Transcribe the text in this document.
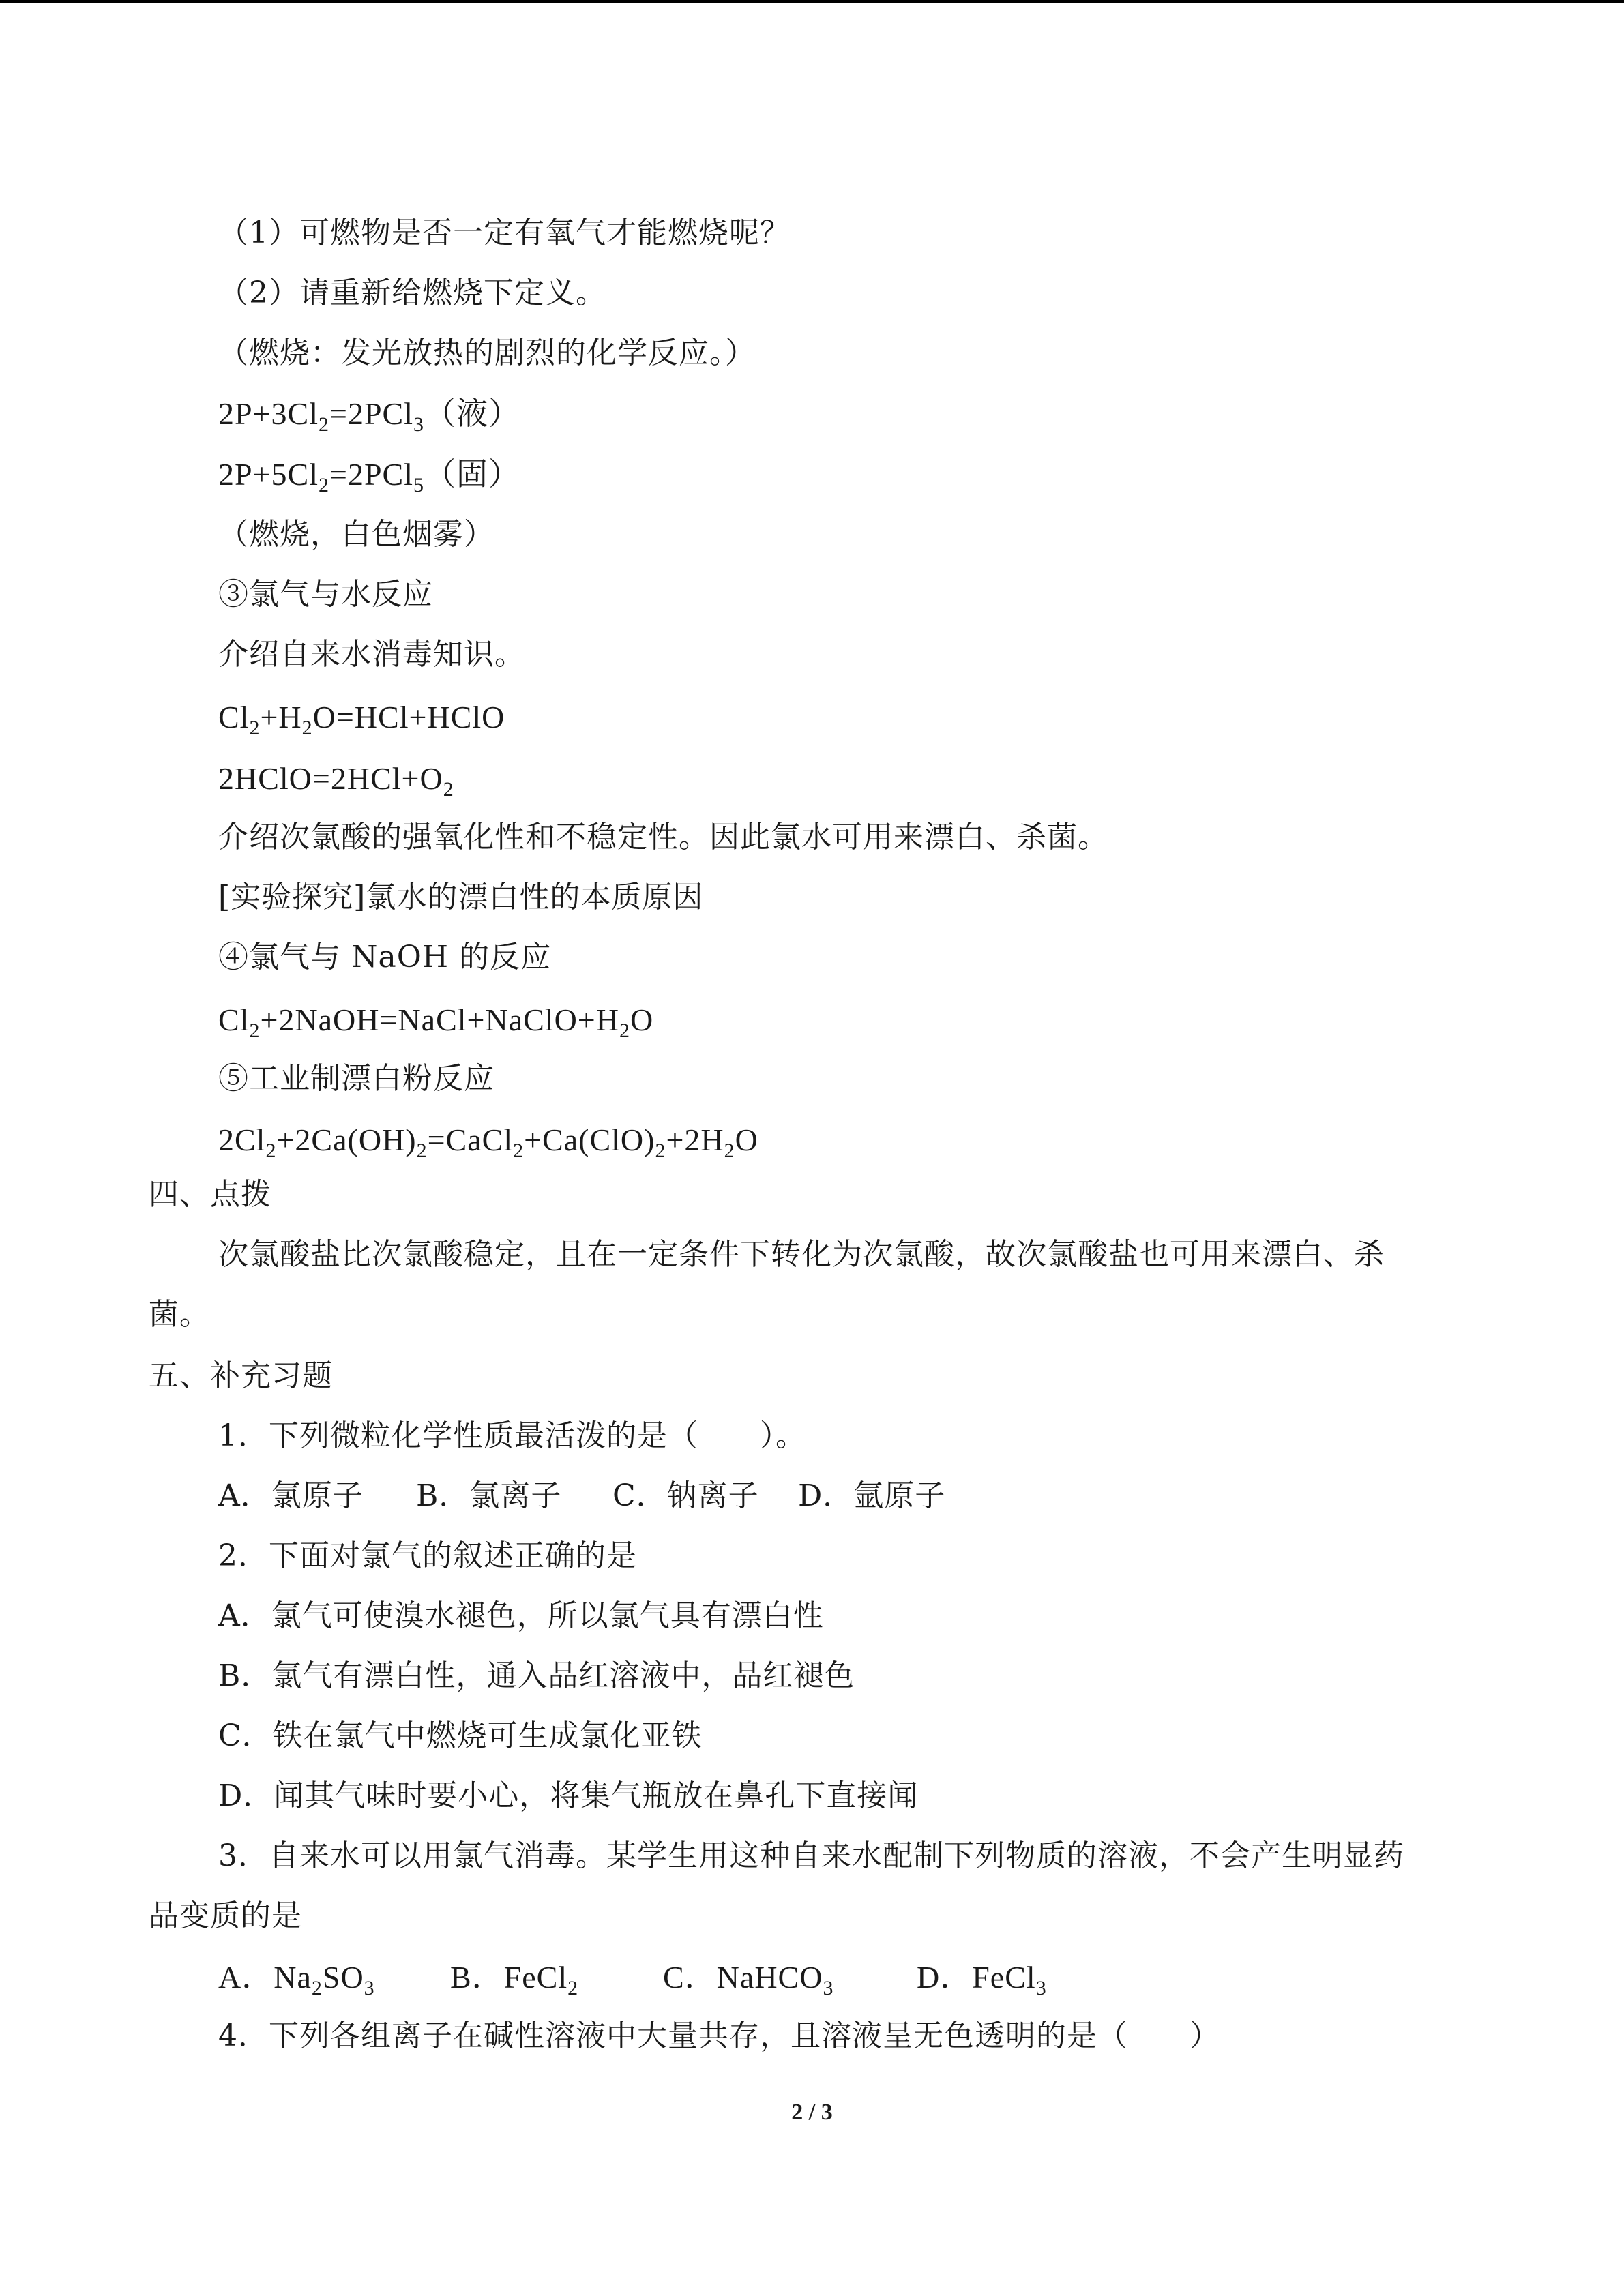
（1）可燃物是否一定有氧气才能燃烧呢？
（2）请重新给燃烧下定义。
（燃烧：发光放热的剧烈的化学反应。）
$2P+3Cl_2=2PCl_3$（液）
$2P+5Cl_2=2PCl_5$（固）
（燃烧，白色烟雾）
③氯气与水反应
介绍自来水消毒知识。
$Cl_2+H_2O=HCl+HClO$
$2HClO=2HCl+O_2$
介绍次氯酸的强氧化性和不稳定性。因此氯水可用来漂白、杀菌。
[实验探究]氯水的漂白性的本质原因
④氯气与 NaOH 的反应
$Cl_2+2NaOH=NaCl+NaClO+H_2O$
⑤工业制漂白粉反应
$2Cl_2+2Ca(OH)_2=CaCl_2+Ca(ClO)_2+2H_2O$
四、点拨
次氯酸盐比次氯酸稳定，且在一定条件下转化为次氯酸，故次氯酸盐也可用来漂白、杀
菌。
五、补充习题
1．下列微粒化学性质最活泼的是（　　）。
A．氯原子 B．氯离子 C．钠离子 D．氩原子
2．下面对氯气的叙述正确的是
A．氯气可使溴水褪色，所以氯气具有漂白性
B．氯气有漂白性，通入品红溶液中，品红褪色
C．铁在氯气中燃烧可生成氯化亚铁
D．闻其气味时要小心，将集气瓶放在鼻孔下直接闻
3．自来水可以用氯气消毒。某学生用这种自来水配制下列物质的溶液，不会产生明显药
品变质的是
A．$Na_2SO_3$ B．FeCl$_2$	C．NaHCO$_3$	D．FeCl$_3$
4．下列各组离子在碱性溶液中大量共存，且溶液呈无色透明的是（　　）
2 / 3
